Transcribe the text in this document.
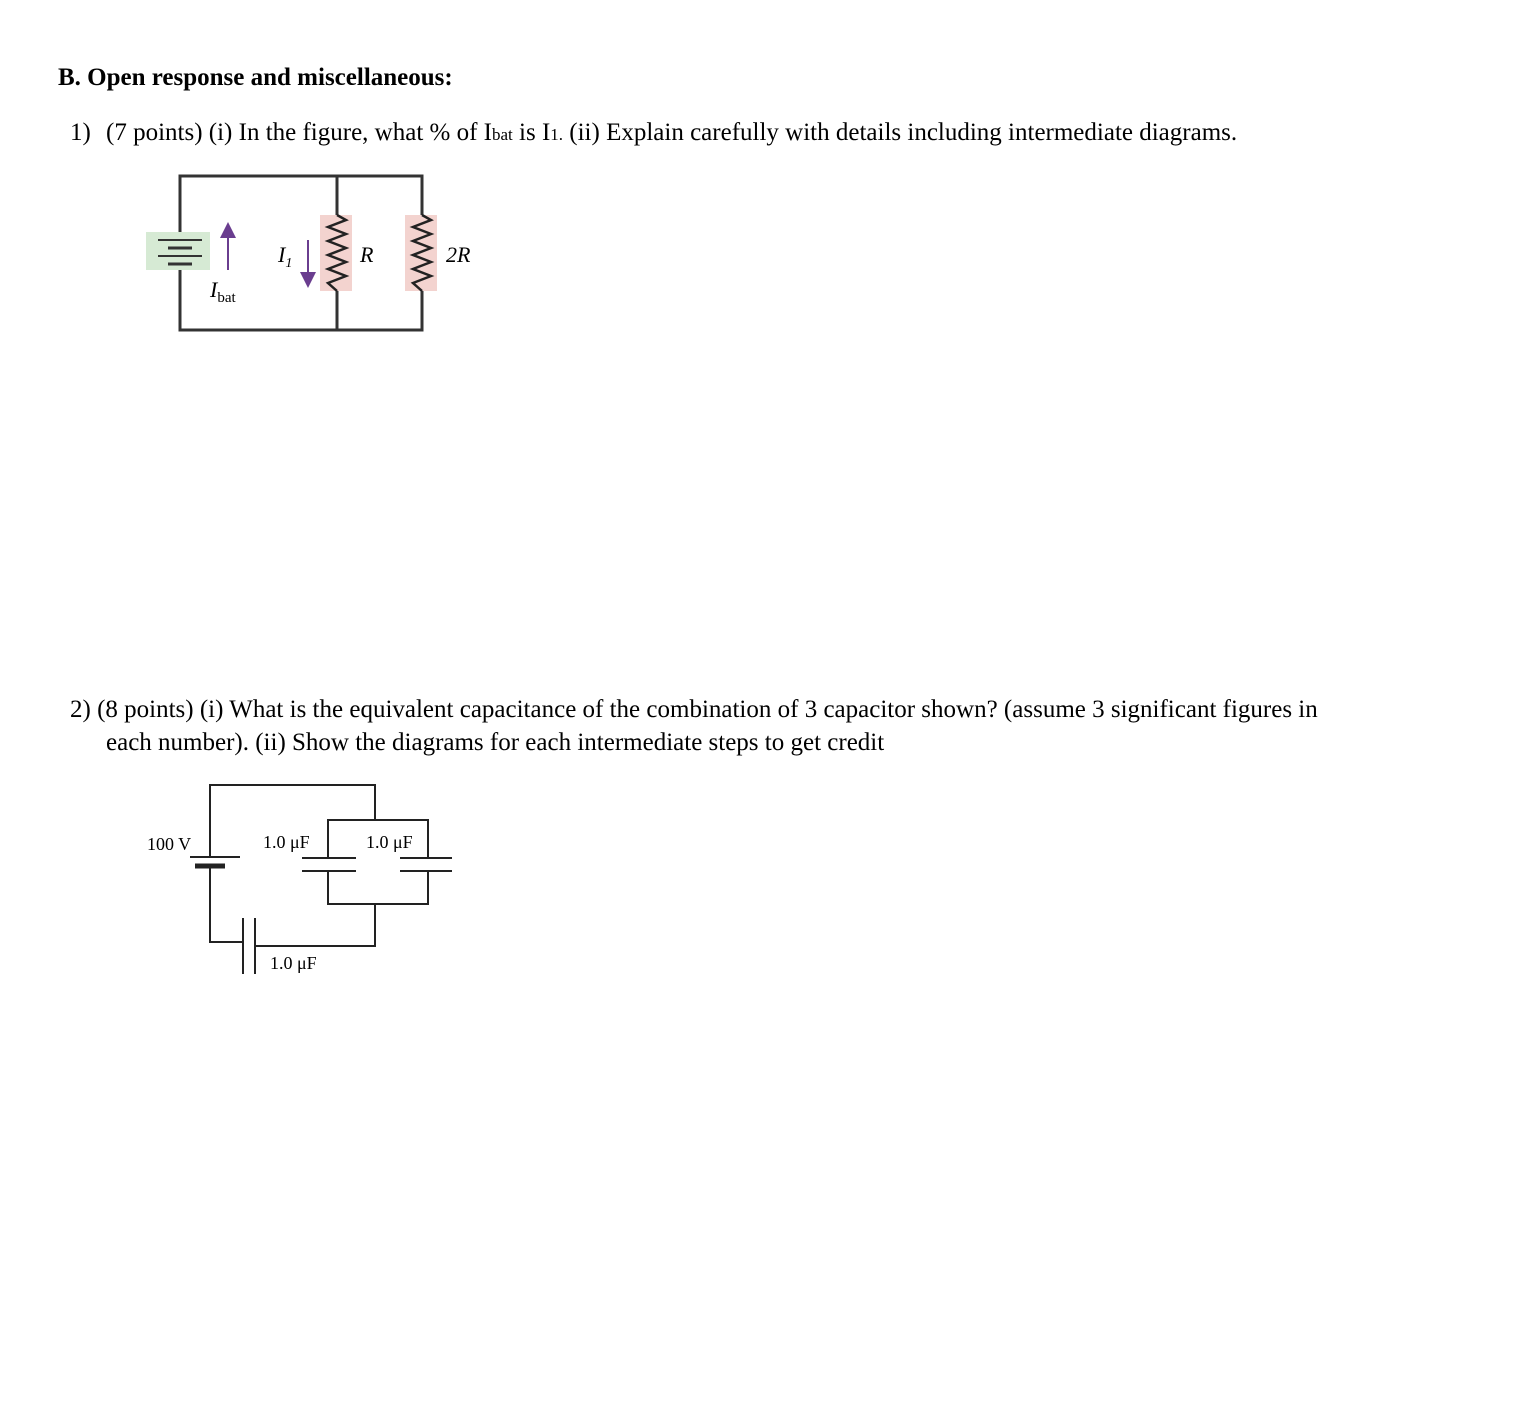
B. Open response and miscellaneous:
1) (7 points) (i) In the figure, what % of Ibat is I1. (ii) Explain carefully with details including intermediate diagrams.
2) (8 points) (i) What is the equivalent capacitance of the combination of 3 capacitor shown? (assume 3 significant figures in
each number). (ii) Show the diagrams for each intermediate steps to get credit
$I_1$
$I_{bat}$
R	2R
100 V	1.0 μF	1.0 μF
1.0 μF
